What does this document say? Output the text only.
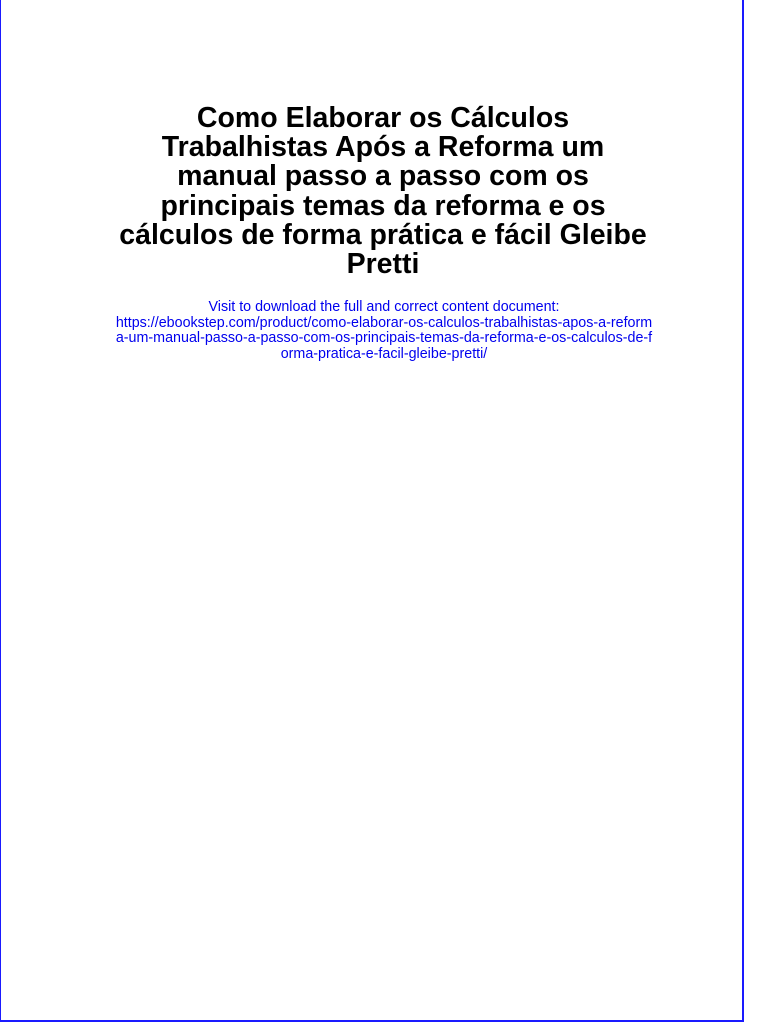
Como Elaborar os Cálculos
Trabalhistas Após a Reforma um
manual passo a passo com os
principais temas da reforma e os
cálculos de forma prática e fácil Gleibe
Pretti
Visit to download the full and correct content document:
https://ebookstep.com/product/como-elaborar-os-calculos-trabalhistas-apos-a-reform
a-um-manual-passo-a-passo-com-os-principais-temas-da-reforma-e-os-calculos-de-f
orma-pratica-e-facil-gleibe-pretti/
